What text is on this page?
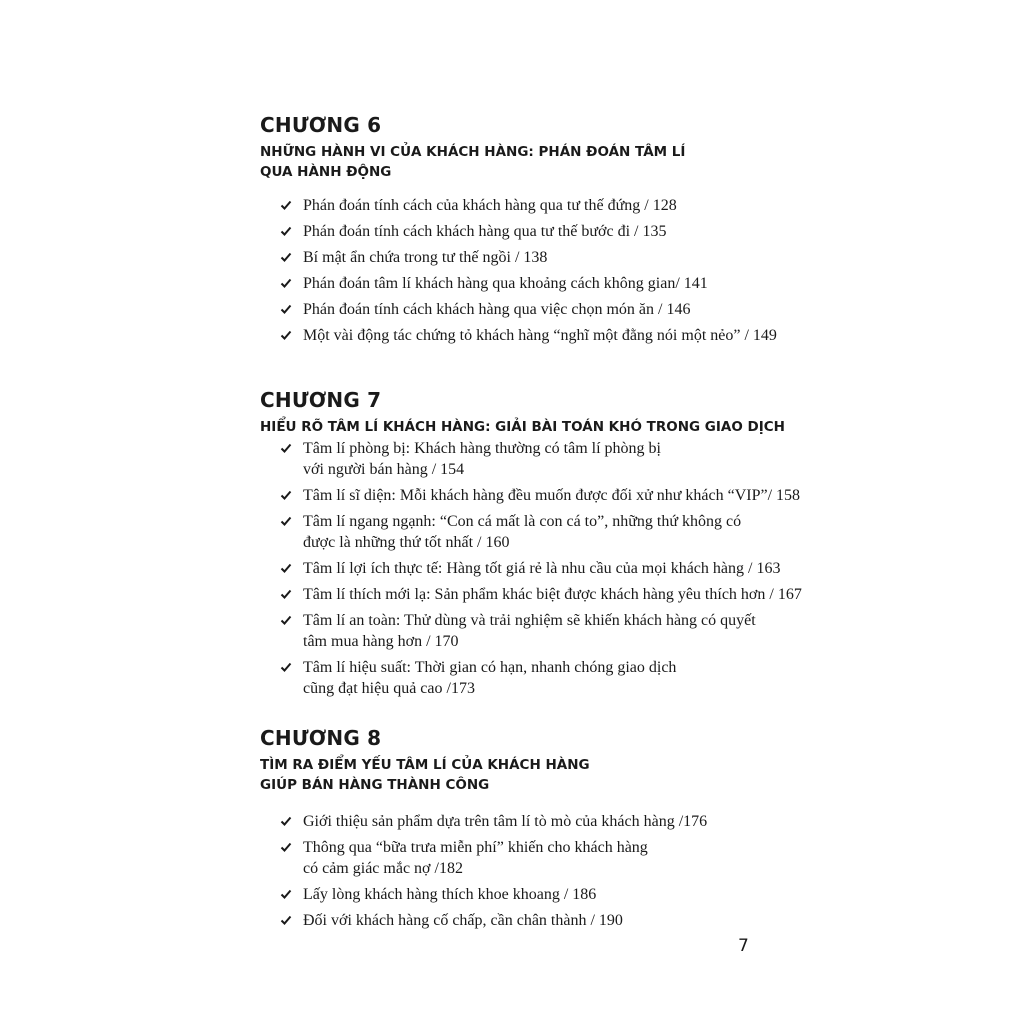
CHƯƠNG 6
NHỮNG HÀNH VI CỦA KHÁCH HÀNG: PHÁN ĐOÁN TÂM LÍ
QUA HÀNH ĐỘNG
Phán đoán tính cách của khách hàng qua tư thế đứng / 128
Phán đoán tính cách khách hàng qua tư thế bước đi / 135
Bí mật ẩn chứa trong tư thế ngồi / 138
Phán đoán tâm lí khách hàng qua khoảng cách không gian/ 141
Phán đoán tính cách khách hàng qua việc chọn món ăn / 146
Một vài động tác chứng tỏ khách hàng “nghĩ một đằng nói một nẻo” / 149
CHƯƠNG 7
HIỂU RÕ TÂM LÍ KHÁCH HÀNG: GIẢI BÀI TOÁN KHÓ TRONG GIAO DỊCH
Tâm lí phòng bị: Khách hàng thường có tâm lí phòng bị
với người bán hàng / 154
Tâm lí sĩ diện: Mỗi khách hàng đều muốn được đối xử như khách “VIP”/ 158
Tâm lí ngang ngạnh: “Con cá mất là con cá to”, những thứ không có
được là những thứ tốt nhất / 160
Tâm lí lợi ích thực tế: Hàng tốt giá rẻ là nhu cầu của mọi khách hàng / 163
Tâm lí thích mới lạ: Sản phẩm khác biệt được khách hàng yêu thích hơn / 167
Tâm lí an toàn: Thử dùng và trải nghiệm sẽ khiến khách hàng có quyết
tâm mua hàng hơn / 170
Tâm lí hiệu suất: Thời gian có hạn, nhanh chóng giao dịch
cũng đạt hiệu quả cao /173
CHƯƠNG 8
TÌM RA ĐIỂM YẾU TÂM LÍ CỦA KHÁCH HÀNG
GIÚP BÁN HÀNG THÀNH CÔNG
Giới thiệu sản phẩm dựa trên tâm lí tò mò của khách hàng /176
Thông qua “bữa trưa miễn phí” khiến cho khách hàng
có cảm giác mắc nợ /182
Lấy lòng khách hàng thích khoe khoang / 186
Đối với khách hàng cố chấp, cần chân thành / 190
7
